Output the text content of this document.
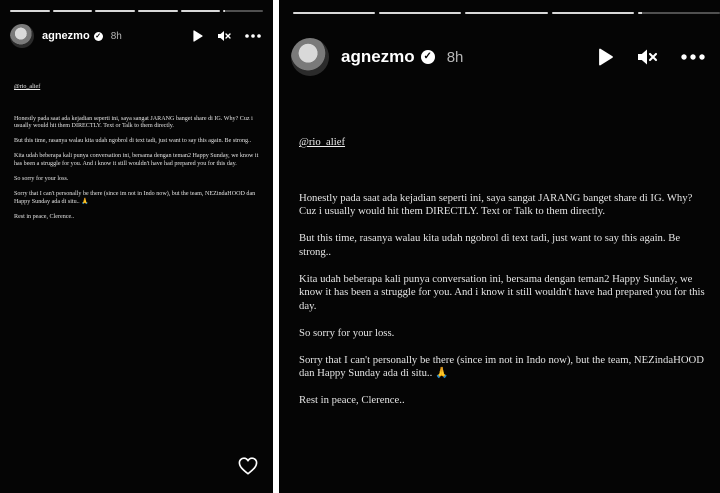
agnezmo ✓ 8h
@rio_alief
Honestly pada saat ada kejadian seperti ini, saya sangat JARANG banget share di IG. Why? Cuz i usually would hit them DIRECTLY. Text or Talk to them directly.
But this time, rasanya walau kita udah ngobrol di text tadi, just want to say this again. Be strong..
Kita udah beberapa kali punya conversation ini, bersama dengan teman2 Happy Sunday, we know it has been a struggle for you. And i know it still wouldn't have had prepared you for this day.
So sorry for your loss.
Sorry that I can't personally be there (since im not in Indo now), but the team, NEZindaHOOD dan Happy Sunday ada di situ.. 🙏
Rest in peace, Clerence..
agnezmo ✓ 8h
@rio_alief
Honestly pada saat ada kejadian seperti ini, saya sangat JARANG banget share di IG. Why? Cuz i usually would hit them DIRECTLY. Text or Talk to them directly.
But this time, rasanya walau kita udah ngobrol di text tadi, just want to say this again. Be strong..
Kita udah beberapa kali punya conversation ini, bersama dengan teman2 Happy Sunday, we know it has been a struggle for you. And i know it still wouldn't have had prepared you for this day.
So sorry for your loss.
Sorry that I can't personally be there (since im not in Indo now), but the team, NEZindaHOOD dan Happy Sunday ada di situ.. 🙏
Rest in peace, Clerence..
